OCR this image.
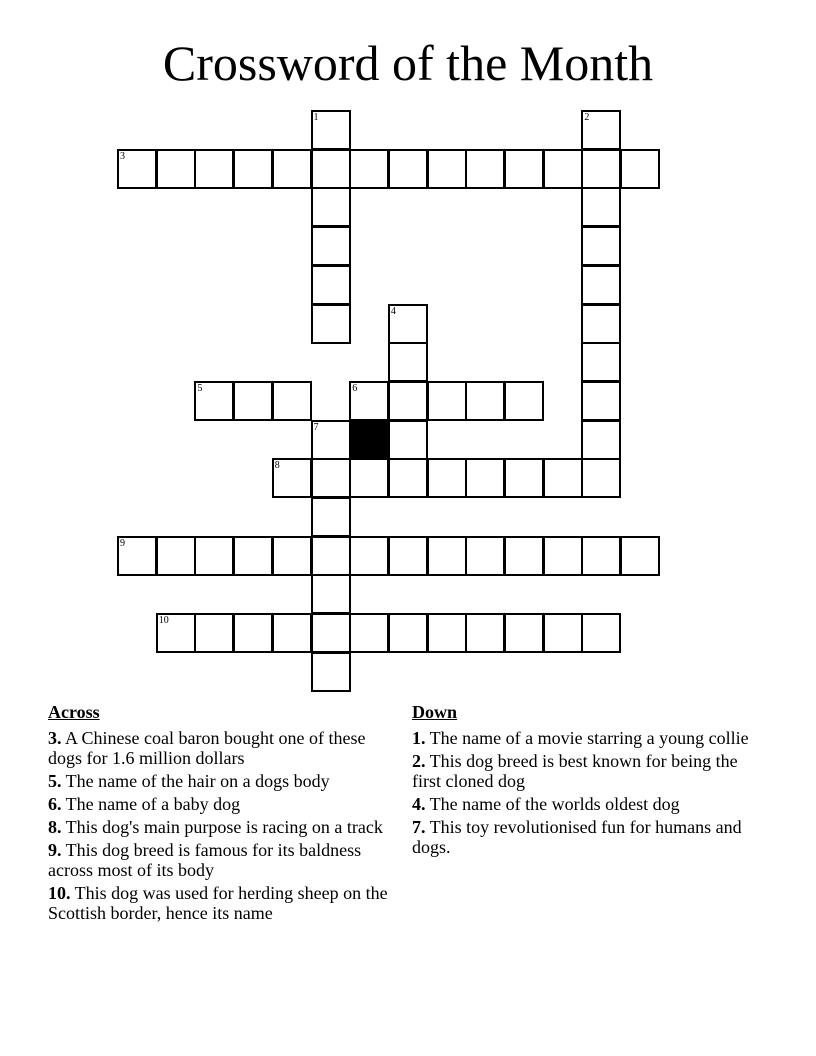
Crossword of the Month
1	2
3
4
5	6
7
8
9
10
Across
3. A Chinese coal baron bought one of these dogs for 1.6 million dollars
5. The name of the hair on a dogs body
6. The name of a baby dog
8. This dog's main purpose is racing on a track
9. This dog breed is famous for its baldness across most of its body
10. This dog was used for herding sheep on the Scottish border, hence its name
Down
1. The name of a movie starring a young collie
2. This dog breed is best known for being the first cloned dog
4. The name of the worlds oldest dog
7. This toy revolutionised fun for humans and dogs.
